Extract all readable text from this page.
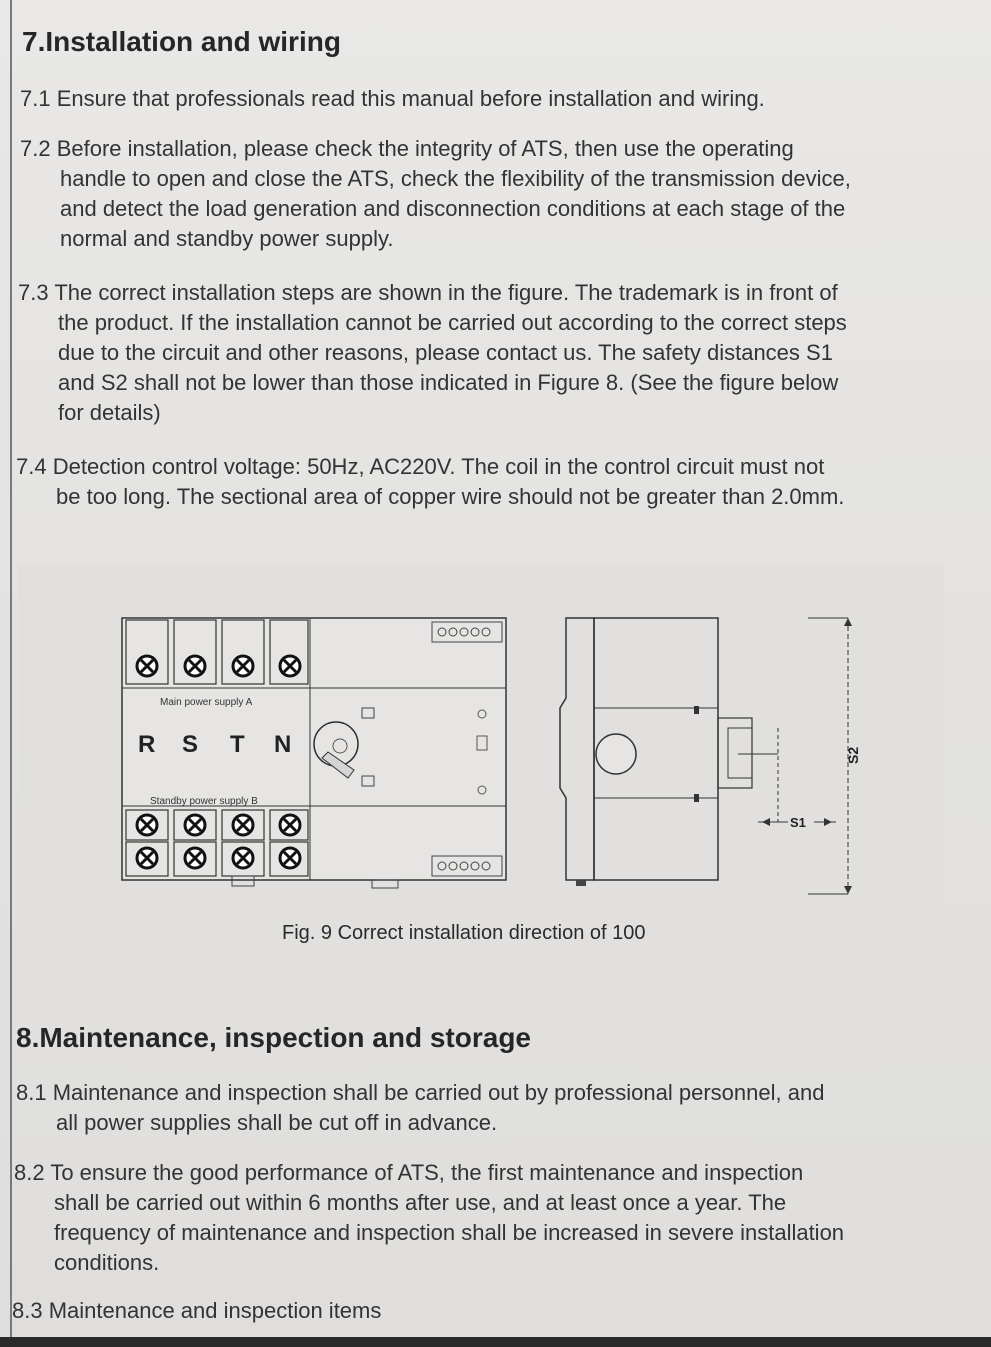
7.Installation and wiring

7.1 Ensure that professionals read this manual before installation and wiring.

7.2 Before installation, please check the integrity of ATS, then use the operating
handle to open and close the ATS, check the flexibility of the transmission device,
and detect the load generation and disconnection conditions at each stage of the
normal and standby power supply.

7.3 The correct installation steps are shown in the figure. The trademark is in front of
the product. If the installation cannot be carried out according to the correct steps
due to the circuit and other reasons, please contact us. The safety distances S1
and S2 shall not be lower than those indicated in Figure 8. (See the figure below
for details)

7.4 Detection control voltage: 50Hz, AC220V. The coil in the control circuit must not
be too long. The sectional area of copper wire should not be greater than 2.0mm.

Main power supply A
R S T N
Standby power supply B
S2
S1
Fig. 9 Correct installation direction of 100
8.Maintenance, inspection and storage

8.1 Maintenance and inspection shall be carried out by professional personnel, and
all power supplies shall be cut off in advance.

8.2 To ensure the good performance of ATS, the first maintenance and inspection
shall be carried out within 6 months after use, and at least once a year. The
frequency of maintenance and inspection shall be increased in severe installation
conditions.

8.3 Maintenance and inspection items
